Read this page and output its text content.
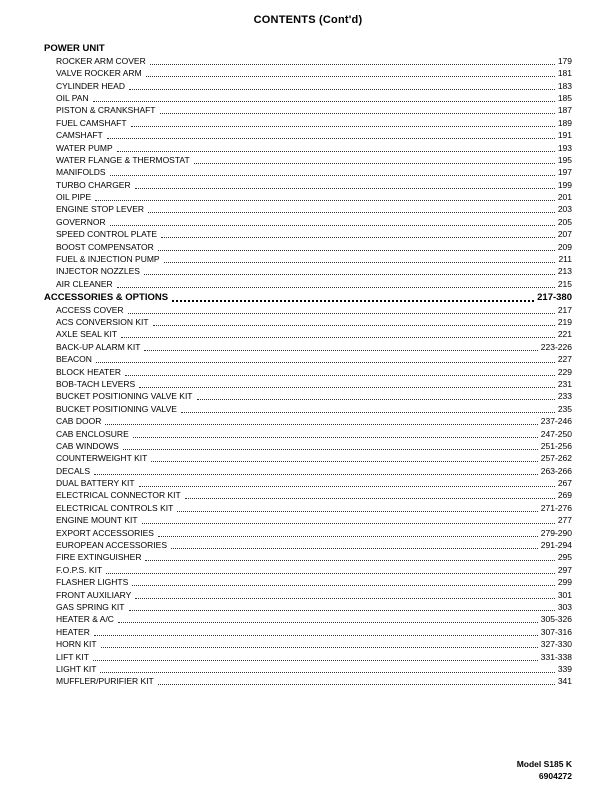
CONTENTS (Cont'd)
POWER UNIT
ROCKER ARM COVER	179
VALVE ROCKER ARM	181
CYLINDER HEAD	183
OIL PAN	185
PISTON & CRANKSHAFT	187
FUEL CAMSHAFT	189
CAMSHAFT	191
WATER PUMP	193
WATER FLANGE & THERMOSTAT	195
MANIFOLDS	197
TURBO CHARGER	199
OIL PIPE	201
ENGINE STOP LEVER	203
GOVERNOR	205
SPEED CONTROL PLATE	207
BOOST COMPENSATOR	209
FUEL & INJECTION PUMP	211
INJECTOR NOZZLES	213
AIR CLEANER	215
ACCESSORIES & OPTIONS	217-380
ACCESS COVER	217
ACS CONVERSION KIT	219
AXLE SEAL KIT	221
BACK-UP ALARM KIT	223-226
BEACON	227
BLOCK HEATER	229
BOB-TACH LEVERS	231
BUCKET POSITIONING VALVE KIT	233
BUCKET POSITIONING VALVE	235
CAB DOOR	237-246
CAB ENCLOSURE	247-250
CAB WINDOWS	251-256
COUNTERWEIGHT KIT	257-262
DECALS	263-266
DUAL BATTERY KIT	267
ELECTRICAL CONNECTOR KIT	269
ELECTRICAL CONTROLS KIT	271-276
ENGINE MOUNT KIT	277
EXPORT ACCESSORIES	279-290
EUROPEAN ACCESSORIES	291-294
FIRE EXTINGUISHER	295
F.O.P.S. KIT	297
FLASHER LIGHTS	299
FRONT AUXILIARY	301
GAS SPRING KIT	303
HEATER & A/C	305-326
HEATER	307-316
HORN KIT	327-330
LIFT KIT	331-338
LIGHT KIT	339
MUFFLER/PURIFIER KIT	341
Model S185 K
6904272
